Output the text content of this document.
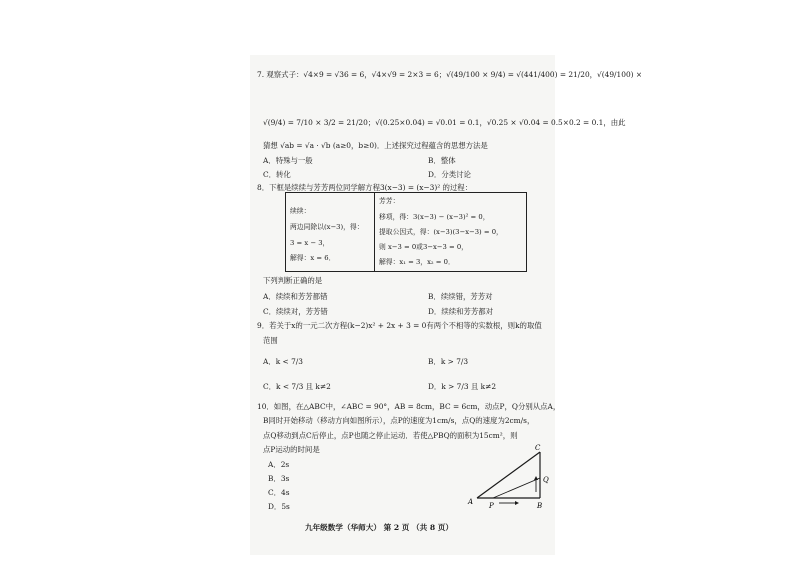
7. 观察式子：√4×9 = √36 = 6，√4×√9 = 2×3 = 6；√(49/100 × 9/4) = √(441/400) = 21/20，√(49/100) ×
√(9/4) = 7/10 × 3/2 = 21/20；√(0.25×0.04) = √0.01 = 0.1，√0.25 × √0.04 = 0.5×0.2 = 0.1，由此
猜想 √ab = √a · √b (a≥0，b≥0)．上述探究过程蕴含的思想方法是
A．特殊与一般	B．整体
C．转化	D．分类讨论
8．下框是续续与芳芳两位同学解方程3(x−3) = (x−3)² 的过程：
续续：
两边同除以(x−3)，得：
3 = x − 3，
解得：x = 6．
芳芳：
移项，得：3(x−3) − (x−3)² = 0，
提取公因式，得：(x−3)(3−x−3) = 0，
则 x−3 = 0或3−x−3 = 0，
解得：x₁ = 3，x₂ = 0．
下列判断正确的是
A．续续和芳芳都错	B．续续错，芳芳对
C．续续对，芳芳错	D．续续和芳芳都对
9．若关于x的一元二次方程(k−2)x² + 2x + 3 = 0有两个不相等的实数根，则k的取值
范围
A．k < 7/3	B．k > 7/3
C．k < 7/3 且 k≠2	D．k > 7/3 且 k≠2
10．如图，在△ABC中，∠ABC = 90°，AB = 8cm，BC = 6cm，动点P，Q分别从点A，
B同时开始移动（移动方向如图所示），点P的速度为1cm/s，点Q的速度为2cm/s，
点Q移动到点C后停止，点P也随之停止运动．若使△PBQ的面积为15cm²，则
点P运动的时间是
A．2s
B．3s
C．4s
D．5s	A	B
C
P
Q
九年级数学（华师大） 第 2 页 （共 8 页）
